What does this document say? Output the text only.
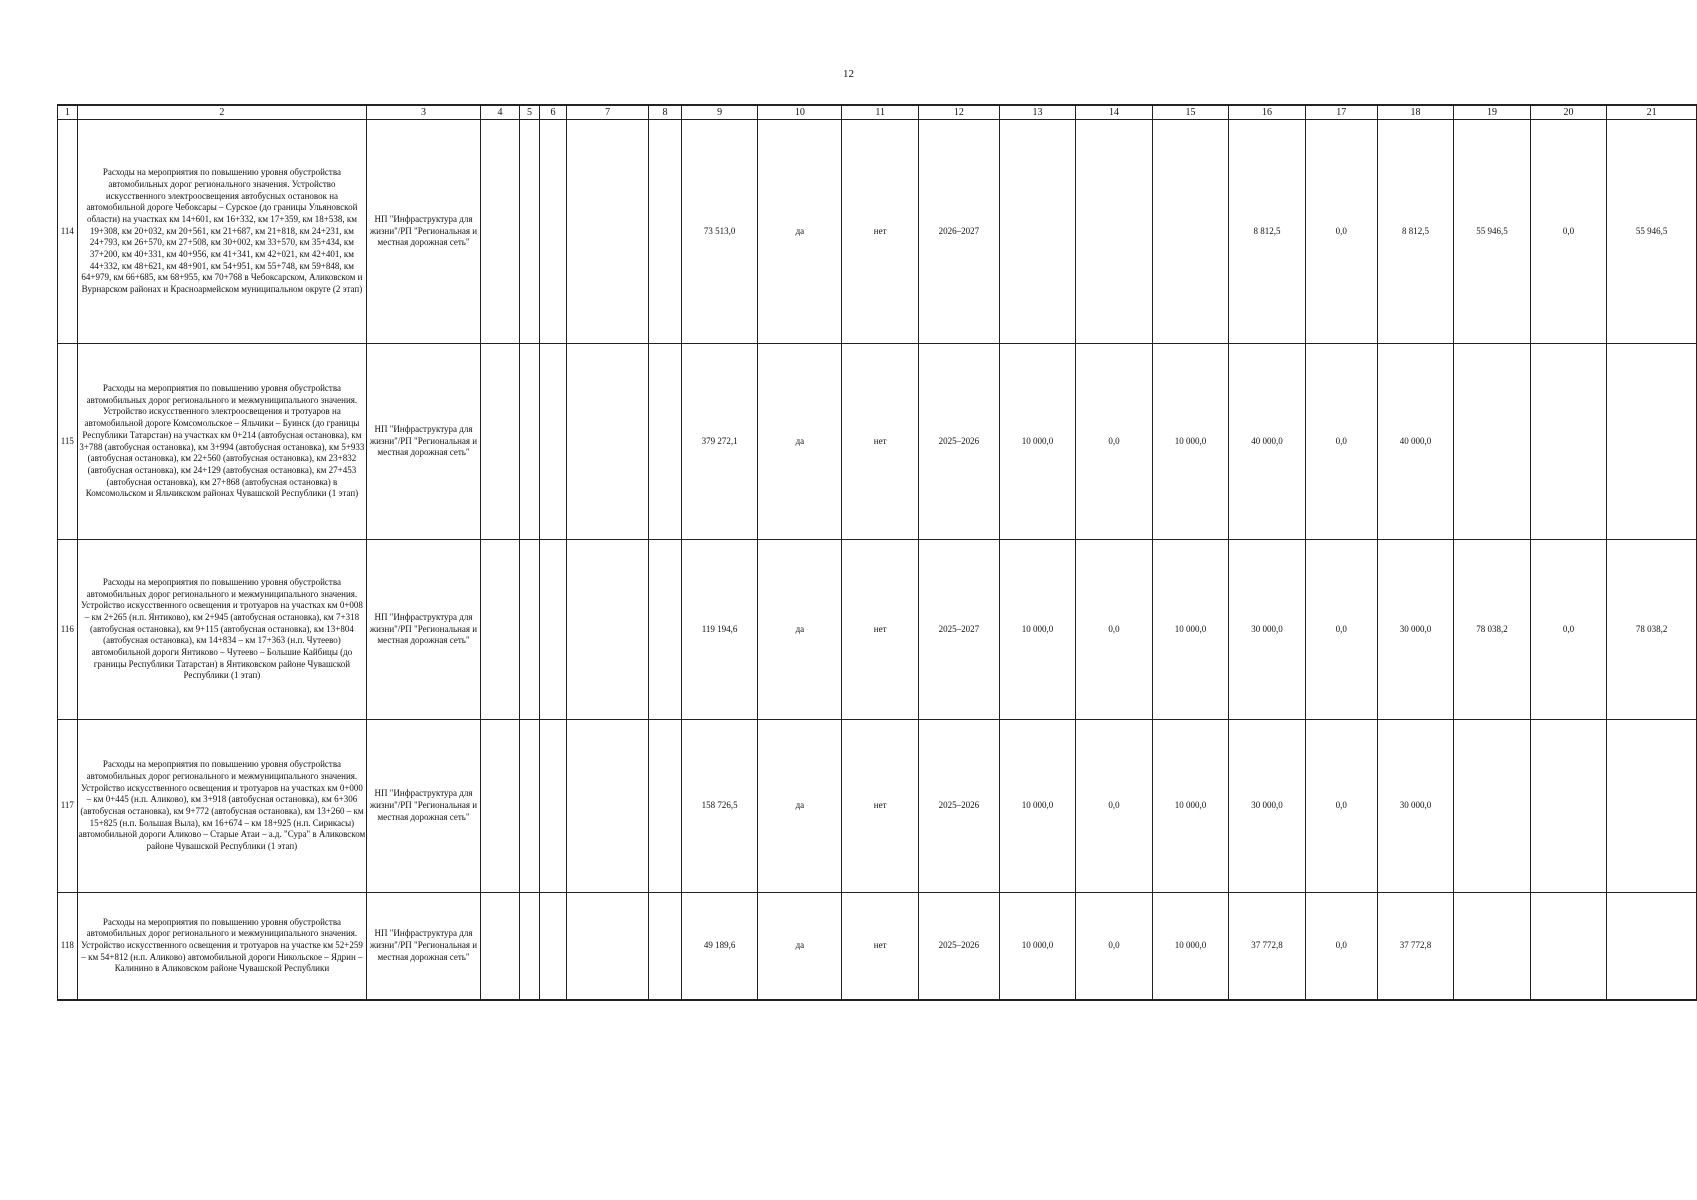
12
1	2	3	4	5	6	7	8	9	10	11	12	13	14	15	16	17	18	19	20	21
114	Расходы на мероприятия по повышению уровня обустройства автомобильных дорог регионального значения. Устройство искусственного электроосвещения автобусных остановок на автомобильной дороге Чебоксары – Сурское (до границы Ульяновской области) на участках км 14+601, км 16+332, км 17+359, км 18+538, км 19+308, км 20+032, км 20+561, км 21+687, км 21+818, км 24+231, км 24+793, км 26+570, км 27+508, км 30+002, км 33+570, км 35+434, км 37+200, км 40+331, км 40+956, км 41+341, км 42+021, км 42+401, км 44+332, км 48+621, км 48+901, км 54+951, км 55+748, км 59+848, км 64+979, км 66+685, км 68+955, км 70+768 в Чебоксарском, Аликовском и Вурнарском районах и Красноармейском муниципальном округе (2 этап)	НП "Инфраструктура для жизни"/РП "Региональная и местная дорожная сеть"						73 513,0	да	нет	2026–2027				8 812,5	0,0	8 812,5	55 946,5	0,0	55 946,5
115	Расходы на мероприятия по повышению уровня обустройства автомобильных дорог регионального и межмуниципального значения. Устройство искусственного электроосвещения и тротуаров на автомобильной дороге Комсомольское – Яльчики – Буинск (до границы Республики Татарстан) на участках км 0+214 (автобусная остановка), км 3+788 (автобусная остановка), км 3+994 (автобусная остановка), км 5+933 (автобусная остановка), км 22+560 (автобусная остановка), км 23+832 (автобусная остановка), км 24+129 (автобусная остановка), км 27+453 (автобусная остановка), км 27+868 (автобусная остановка) в Комсомольском и Яльчикском районах Чувашской Республики (1 этап)	НП "Инфраструктура для жизни"/РП "Региональная и местная дорожная сеть"						379 272,1	да	нет	2025–2026	10 000,0	0,0	10 000,0	40 000,0	0,0	40 000,0			
116	Расходы на мероприятия по повышению уровня обустройства автомобильных дорог регионального и межмуниципального значения. Устройство искусственного освещения и тротуаров на участках км 0+008 – км 2+265 (н.п. Янтиково), км 2+945 (автобусная остановка), км 7+318 (автобусная остановка), км 9+115 (автобусная остановка), км 13+804 (автобусная остановка), км 14+834 – км 17+363 (н.п. Чутеево) автомобильной дороги Янтиково – Чутеево – Большие Кайбицы (до границы Республики Татарстан) в Янтиковском районе Чувашской Республики (1 этап)	НП "Инфраструктура для жизни"/РП "Региональная и местная дорожная сеть"						119 194,6	да	нет	2025–2027	10 000,0	0,0	10 000,0	30 000,0	0,0	30 000,0	78 038,2	0,0	78 038,2
117	Расходы на мероприятия по повышению уровня обустройства автомобильных дорог регионального и межмуниципального значения. Устройство искусственного освещения и тротуаров на участках км 0+000 – км 0+445 (н.п. Аликово), км 3+918 (автобусная остановка), км 6+306 (автобусная остановка), км 9+772 (автобусная остановка), км 13+260 – км 15+825 (н.п. Большая Выла), км 16+674 – км 18+925 (н.п. Сирикасы) автомобильной дороги Аликово – Старые Атаи – а.д. "Сура" в Аликовском районе Чувашской Республики (1 этап)	НП "Инфраструктура для жизни"/РП "Региональная и местная дорожная сеть"						158 726,5	да	нет	2025–2026	10 000,0	0,0	10 000,0	30 000,0	0,0	30 000,0			
118	Расходы на мероприятия по повышению уровня обустройства автомобильных дорог регионального и межмуниципального значения. Устройство искусственного освещения и тротуаров на участке км 52+259 – км 54+812 (н.п. Аликово) автомобильной дороги Никольское – Ядрин – Калинино в Аликовском районе Чувашской Республики	НП "Инфраструктура для жизни"/РП "Региональная и местная дорожная сеть"						49 189,6	да	нет	2025–2026	10 000,0	0,0	10 000,0	37 772,8	0,0	37 772,8			
